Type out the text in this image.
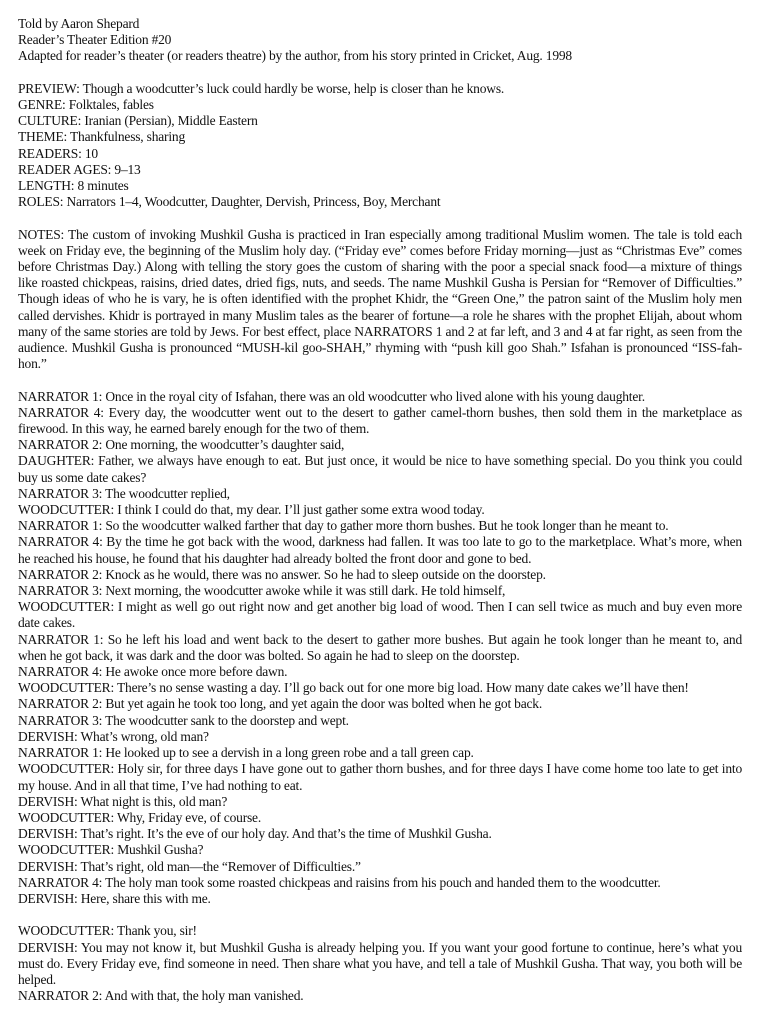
Told by Aaron Shepard
Reader’s Theater Edition #20
Adapted for reader’s theater (or readers theatre) by the author, from his story printed in Cricket, Aug. 1998
PREVIEW: Though a woodcutter’s luck could hardly be worse, help is closer than he knows.
GENRE: Folktales, fables
CULTURE: Iranian (Persian), Middle Eastern
THEME: Thankfulness, sharing
READERS: 10
READER AGES: 9–13
LENGTH: 8 minutes
ROLES: Narrators 1–4, Woodcutter, Daughter, Dervish, Princess, Boy, Merchant
NOTES: The custom of invoking Mushkil Gusha is practiced in Iran especially among traditional Muslim women. The tale is told each week on Friday eve, the beginning of the Muslim holy day. (“Friday eve” comes before Friday morning—just as “Christmas Eve” comes before Christmas Day.) Along with telling the story goes the custom of sharing with the poor a special snack food—a mixture of things like roasted chickpeas, raisins, dried dates, dried figs, nuts, and seeds. The name Mushkil Gusha is Persian for “Remover of Difficulties.” Though ideas of who he is vary, he is often identified with the prophet Khidr, the “Green One,” the patron saint of the Muslim holy men called dervishes. Khidr is portrayed in many Muslim tales as the bearer of fortune—a role he shares with the prophet Elijah, about whom many of the same stories are told by Jews. For best effect, place NARRATORS 1 and 2 at far left, and 3 and 4 at far right, as seen from the audience. Mushkil Gusha is pronounced “MUSH-kil goo-SHAH,” rhyming with “push kill goo Shah.” Isfahan is pronounced “ISS-fah-hon.”
NARRATOR 1: Once in the royal city of Isfahan, there was an old woodcutter who lived alone with his young daughter.
NARRATOR 4: Every day, the woodcutter went out to the desert to gather camel-thorn bushes, then sold them in the marketplace as firewood. In this way, he earned barely enough for the two of them.
NARRATOR 2: One morning, the woodcutter’s daughter said,
DAUGHTER: Father, we always have enough to eat. But just once, it would be nice to have something special. Do you think you could buy us some date cakes?
NARRATOR 3: The woodcutter replied,
WOODCUTTER: I think I could do that, my dear. I’ll just gather some extra wood today.
NARRATOR 1: So the woodcutter walked farther that day to gather more thorn bushes. But he took longer than he meant to.
NARRATOR 4: By the time he got back with the wood, darkness had fallen. It was too late to go to the marketplace. What’s more, when he reached his house, he found that his daughter had already bolted the front door and gone to bed.
NARRATOR 2: Knock as he would, there was no answer. So he had to sleep outside on the doorstep.
NARRATOR 3: Next morning, the woodcutter awoke while it was still dark. He told himself,
WOODCUTTER: I might as well go out right now and get another big load of wood. Then I can sell twice as much and buy even more date cakes.
NARRATOR 1: So he left his load and went back to the desert to gather more bushes. But again he took longer than he meant to, and when he got back, it was dark and the door was bolted. So again he had to sleep on the doorstep.
NARRATOR 4: He awoke once more before dawn.
WOODCUTTER: There’s no sense wasting a day. I’ll go back out for one more big load. How many date cakes we’ll have then!
NARRATOR 2: But yet again he took too long, and yet again the door was bolted when he got back.
NARRATOR 3: The woodcutter sank to the doorstep and wept.
DERVISH: What’s wrong, old man?
NARRATOR 1: He looked up to see a dervish in a long green robe and a tall green cap.
WOODCUTTER: Holy sir, for three days I have gone out to gather thorn bushes, and for three days I have come home too late to get into my house. And in all that time, I’ve had nothing to eat.
DERVISH: What night is this, old man?
WOODCUTTER: Why, Friday eve, of course.
DERVISH: That’s right. It’s the eve of our holy day. And that’s the time of Mushkil Gusha.
WOODCUTTER: Mushkil Gusha?
DERVISH: That’s right, old man—the “Remover of Difficulties.”
NARRATOR 4: The holy man took some roasted chickpeas and raisins from his pouch and handed them to the woodcutter.
DERVISH: Here, share this with me.
WOODCUTTER: Thank you, sir!
DERVISH: You may not know it, but Mushkil Gusha is already helping you. If you want your good fortune to continue, here’s what you must do. Every Friday eve, find someone in need. Then share what you have, and tell a tale of Mushkil Gusha. That way, you both will be helped.
NARRATOR 2: And with that, the holy man vanished.
